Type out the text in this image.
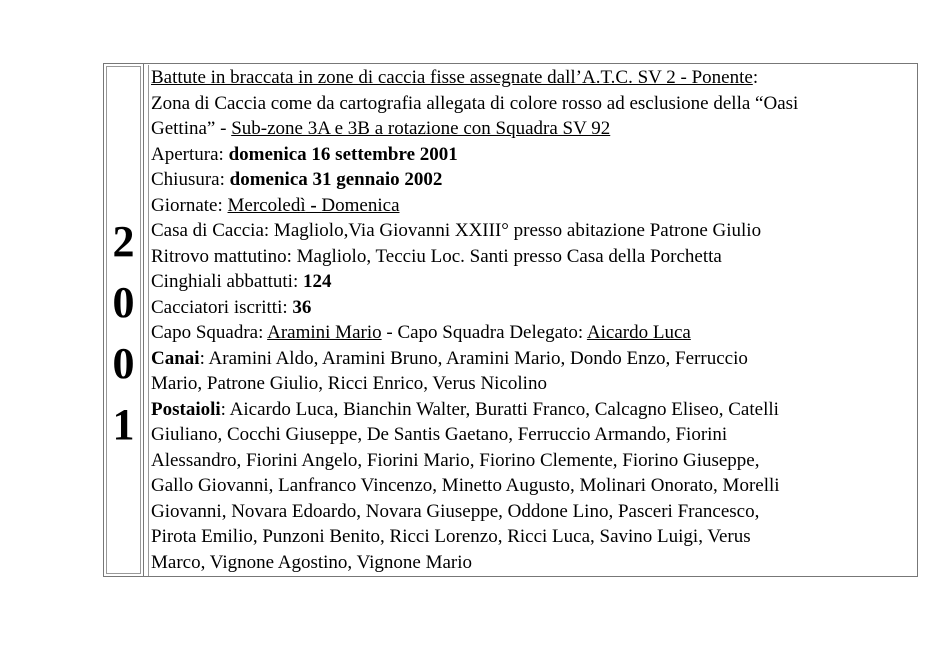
2
0
0
1

Battute in braccata in zone di caccia fisse assegnate dall’A.T.C. SV 2 - Ponente:

Zona di Caccia come da cartografia allegata di colore rosso ad esclusione della “Oasi

Gettina” - Sub-zone 3A e 3B a rotazione con Squadra SV 92

Apertura: domenica 16 settembre 2001

Chiusura: domenica 31 gennaio 2002

Giornate: Mercoledì - Domenica

Casa di Caccia: Magliolo,Via Giovanni XXIII° presso abitazione Patrone Giulio

Ritrovo mattutino: Magliolo, Tecciu Loc. Santi presso Casa della Porchetta

Cinghiali abbattuti: 124

Cacciatori iscritti: 36

Capo Squadra: Aramini Mario - Capo Squadra Delegato: Aicardo Luca

Canai: Aramini Aldo, Aramini Bruno, Aramini Mario, Dondo Enzo, Ferruccio

Mario, Patrone Giulio, Ricci Enrico, Verus Nicolino

Postaioli: Aicardo Luca, Bianchin Walter, Buratti Franco, Calcagno Eliseo, Catelli

Giuliano, Cocchi Giuseppe, De Santis Gaetano, Ferruccio Armando, Fiorini

Alessandro, Fiorini Angelo, Fiorini Mario, Fiorino Clemente, Fiorino Giuseppe,

Gallo Giovanni, Lanfranco Vincenzo, Minetto Augusto, Molinari Onorato, Morelli

Giovanni, Novara Edoardo, Novara Giuseppe, Oddone Lino, Pasceri Francesco,

Pirota Emilio, Punzoni Benito, Ricci Lorenzo, Ricci Luca, Savino Luigi, Verus

Marco, Vignone Agostino, Vignone Mario
